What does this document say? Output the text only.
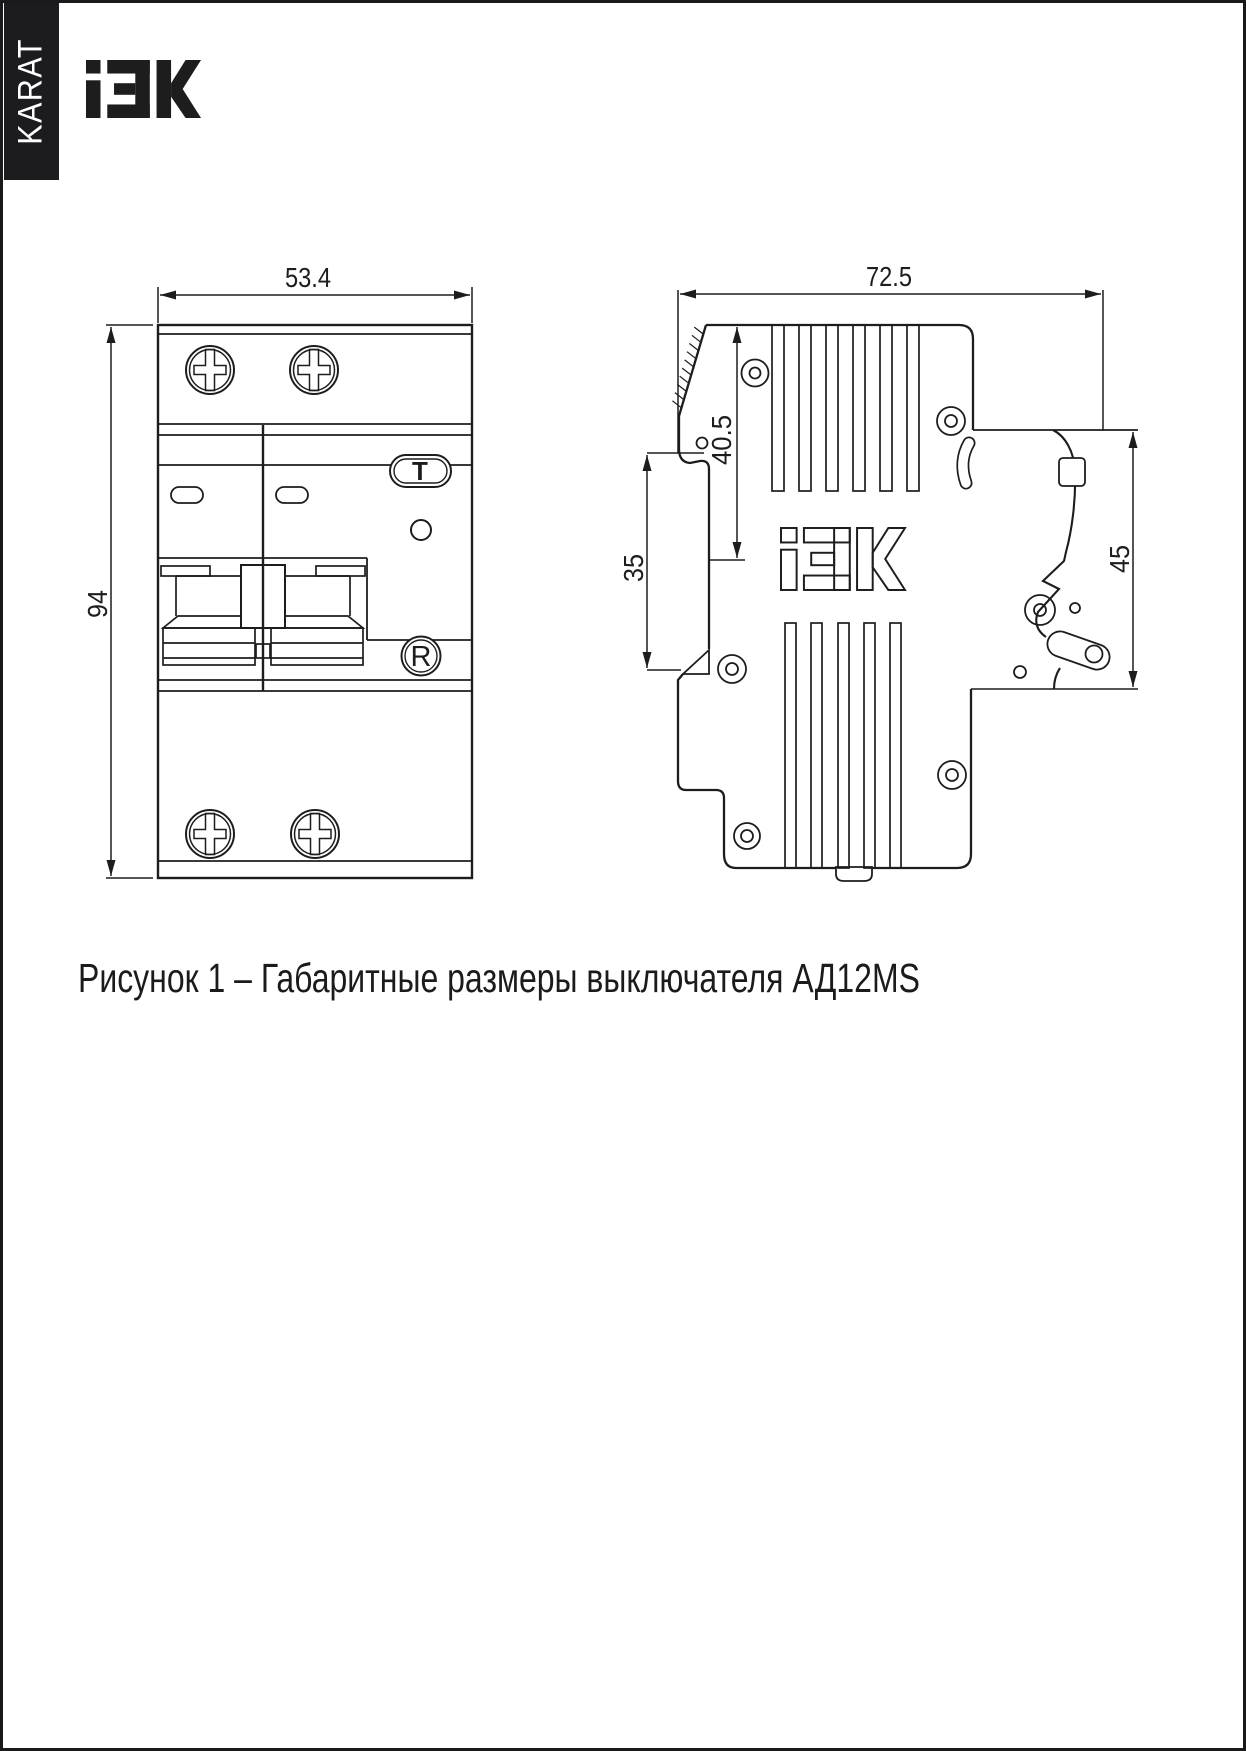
KARAT
53.4
94
72.5
40.5
35	45
T
R
Рисунок 1 – Габаритные размеры выключателя АД12MS
